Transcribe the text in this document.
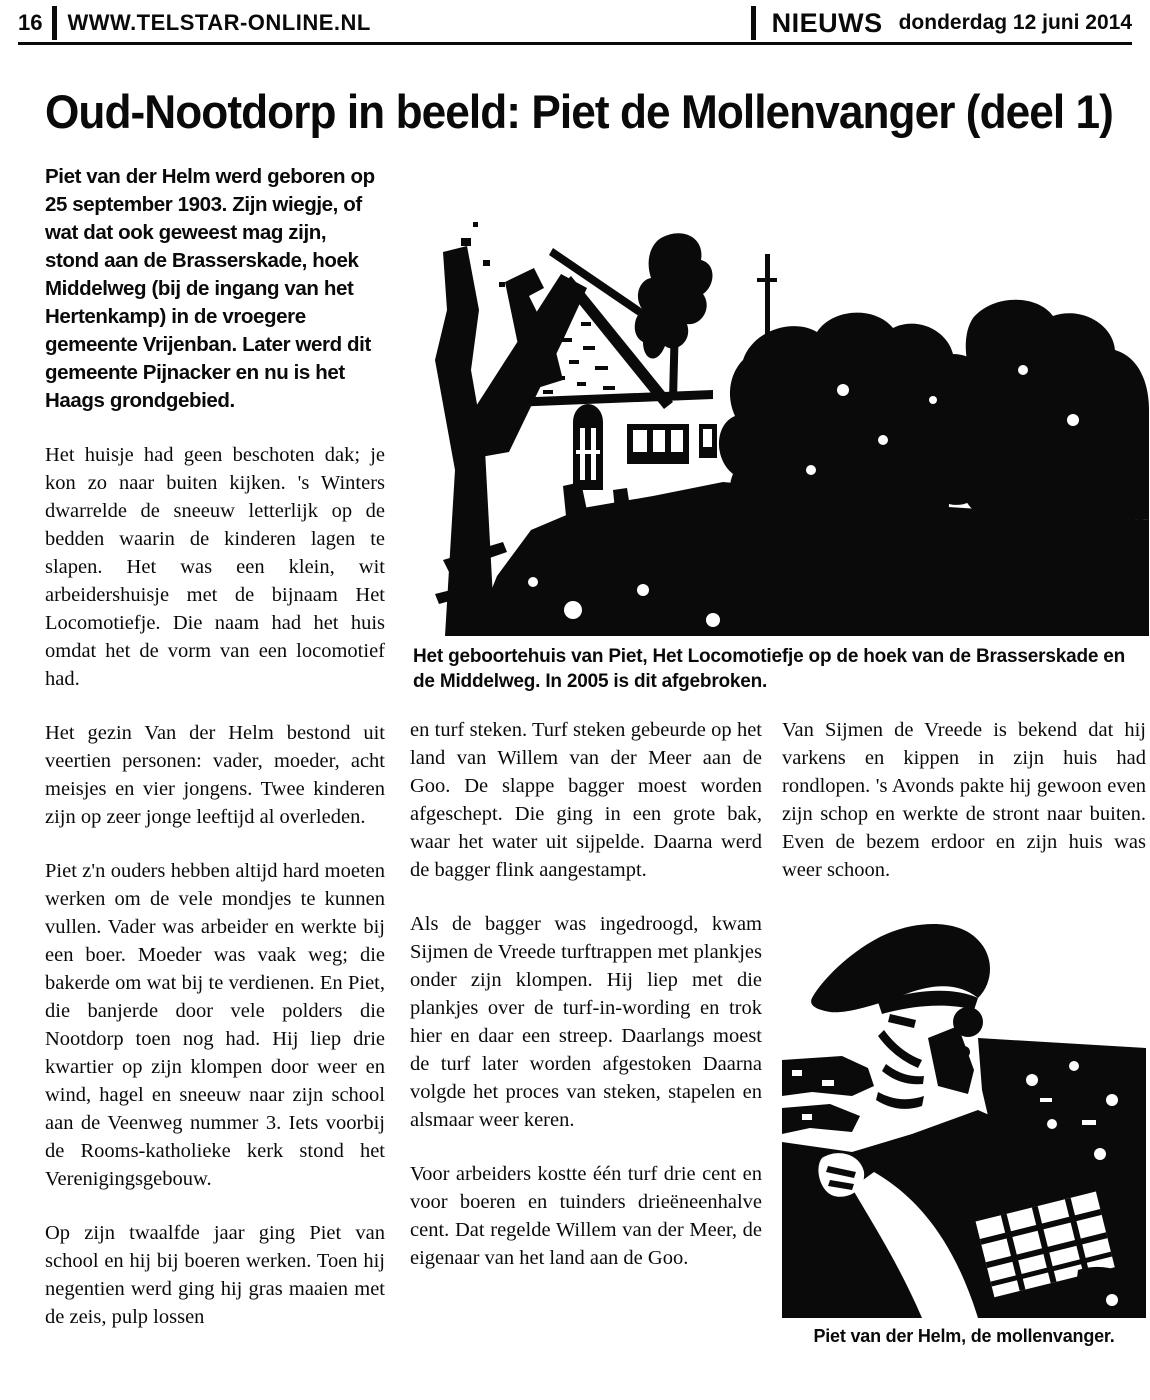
16 WWW.TELSTAR-ONLINE.NL	NIEUWS donderdag 12 juni 2014
Oud-Nootdorp in beeld: Piet de Mollenvanger (deel 1)

Piet van der Helm werd geboren op 25 september 1903. Zijn wiegje, of wat dat ook geweest mag zijn, stond aan de Brasserskade, hoek Middelweg (bij de ingang van het Hertenkamp) in de vroegere gemeente Vrijenban. Later werd dit gemeente Pijnacker en nu is het Haags grondgebied.

Het huisje had geen beschoten dak; je kon zo naar buiten kijken. 's Winters dwarrelde de sneeuw letterlijk op de bedden waarin de kinderen lagen te slapen. Het was een klein, wit arbeidershuisje met de bijnaam Het Locomotiefje. Die naam had het huis omdat het de vorm van een locomotief had.

Het gezin Van der Helm bestond uit veertien personen: vader, moeder, acht meisjes en vier jongens. Twee kinderen zijn op zeer jonge leeftijd al overleden.

Piet z'n ouders hebben altijd hard moeten werken om de vele mondjes te kunnen vullen. Vader was arbeider en werkte bij een boer. Moeder was vaak weg; die bakerde om wat bij te verdienen. En Piet, die banjerde door vele polders die Nootdorp toen nog had. Hij liep drie kwartier op zijn klompen door weer en wind, hagel en sneeuw naar zijn school aan de Veenweg nummer 3. Iets voorbij de Rooms-katholieke kerk stond het Verenigingsgebouw.

Op zijn twaalfde jaar ging Piet van school en hij bij boeren werken. Toen hij negentien werd ging hij gras maaien met de zeis, pulp lossen

Het geboortehuis van Piet, Het Locomotiefje op de hoek van de Brasserskade en de Middelweg. In 2005 is dit afgebroken.

en turf steken. Turf steken gebeurde op het land van Willem van der Meer aan de Goo. De slappe bagger moest worden afgeschept. Die ging in een grote bak, waar het water uit sijpelde. Daarna werd de bagger flink aangestampt.

Als de bagger was ingedroogd, kwam Sijmen de Vreede turftrappen met plankjes onder zijn klompen. Hij liep met die plankjes over de turf-in-wording en trok hier en daar een streep. Daarlangs moest de turf later worden afgestoken Daarna volgde het proces van steken, stapelen en alsmaar weer keren.

Voor arbeiders kostte één turf drie cent en voor boeren en tuinders drieëneenhalve cent. Dat regelde Willem van der Meer, de eigenaar van het land aan de Goo.

Van Sijmen de Vreede is bekend dat hij varkens en kippen in zijn huis had rondlopen. 's Avonds pakte hij gewoon even zijn schop en werkte de stront naar buiten. Even de bezem erdoor en zijn huis was weer schoon.

Piet van der Helm, de mollenvanger.
